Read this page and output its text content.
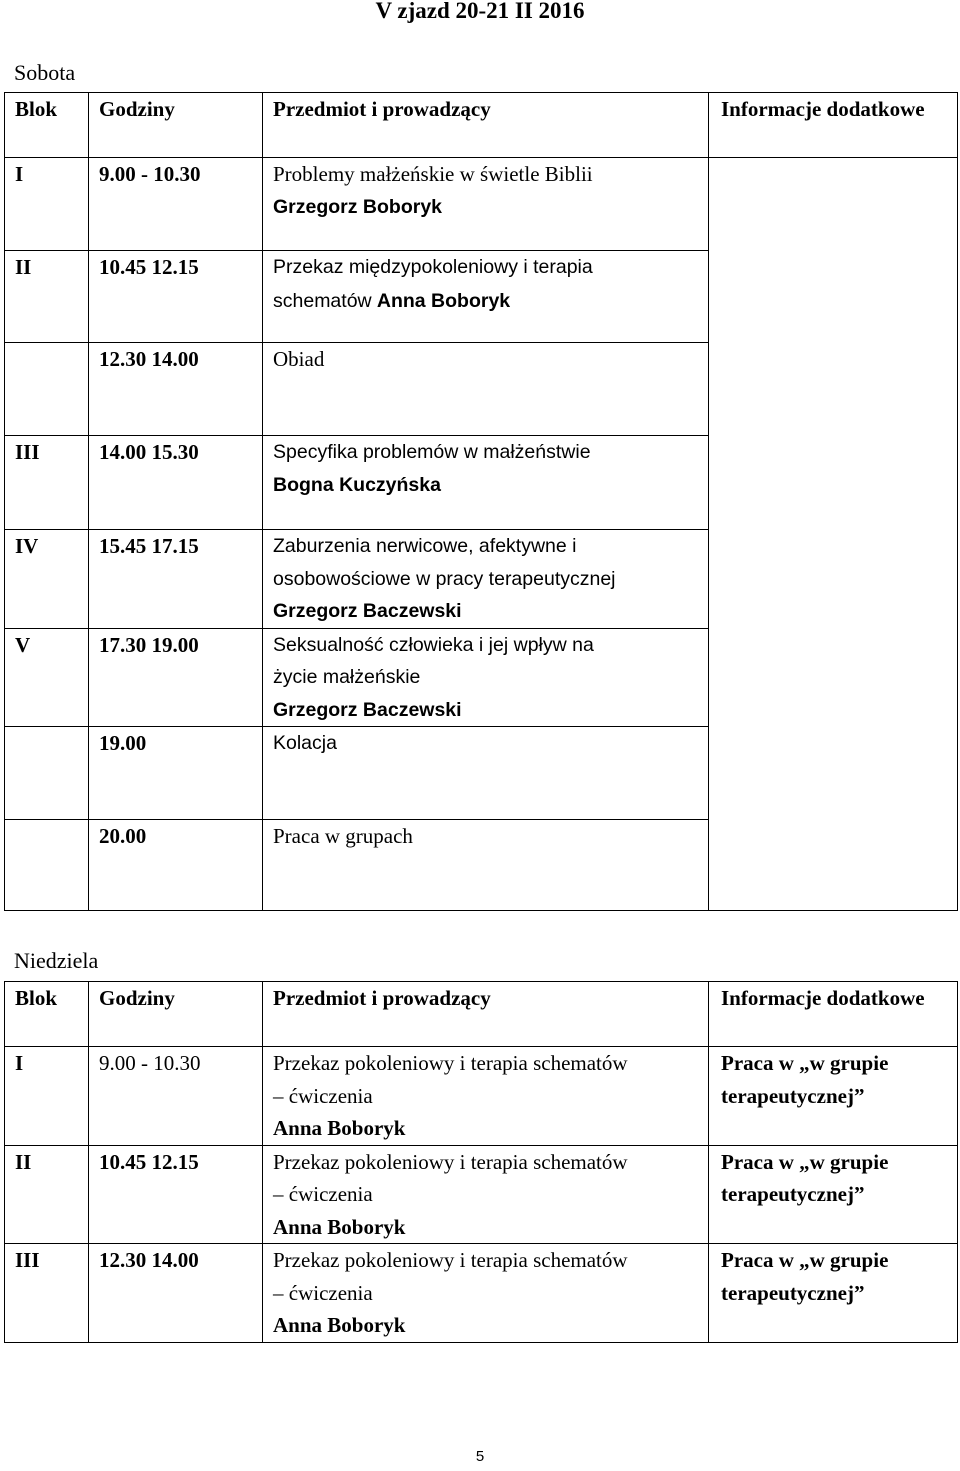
V zjazd 20-21 II 2016
Sobota
Blok	Godziny	Przedmiot i prowadzący	Informacje dodatkowe
I	9.00 - 10.30	Problemy małżeńskie w świetle Biblii
Grzegorz Boboryk	

II	10.45 12.15	Przekaz międzypokoleniowy i terapia
schematów Anna Boboryk	

	12.30 14.00	Obiad	

III	14.00 15.30	Specyfika problemów w małżeństwie
Bogna Kuczyńska	

IV	15.45 17.15	Zaburzenia nerwicowe, afektywne i
osobowościowe w pracy terapeutycznej
Grzegorz Baczewski	

V	17.30 19.00	Seksualność człowieka i jej wpływ na
życie małżeńskie
Grzegorz Baczewski	

	19.00	Kolacja	

	20.00	Praca w grupach	

Niedziela
Blok	Godziny	Przedmiot i prowadzący	Informacje dodatkowe
I	9.00 - 10.30	Przekaz pokoleniowy i terapia schematów
– ćwiczenia
Anna Boboryk	Praca w „w grupie terapeutycznej”
II	10.45 12.15	Przekaz pokoleniowy i terapia schematów
– ćwiczenia
Anna Boboryk	Praca w „w grupie terapeutycznej”
III	12.30 14.00	Przekaz pokoleniowy i terapia schematów
– ćwiczenia
Anna Boboryk	Praca w „w grupie terapeutycznej”
5
